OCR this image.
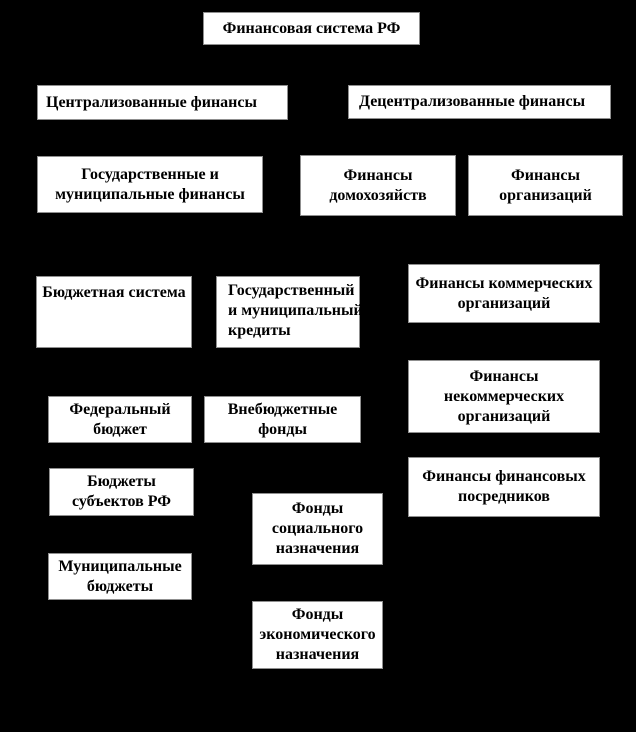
Финансовая система РФ
Централизованные финансы	Децентрализованные финансы
Государственные и
муниципальные финансы
Финансы
домохозяйств
Финансы
организаций
Бюджетная система	Государственный
и муниципальный
кредиты
Финансы коммерческих
организаций
Федеральный
бюджет
Внебюджетные
фонды
Финансы
некоммерческих
организаций
Бюджеты
субъектов РФ
Финансы финансовых
посредников
Фонды
социального
назначения
Муниципальные
бюджеты
Фонды
экономического
назначения
